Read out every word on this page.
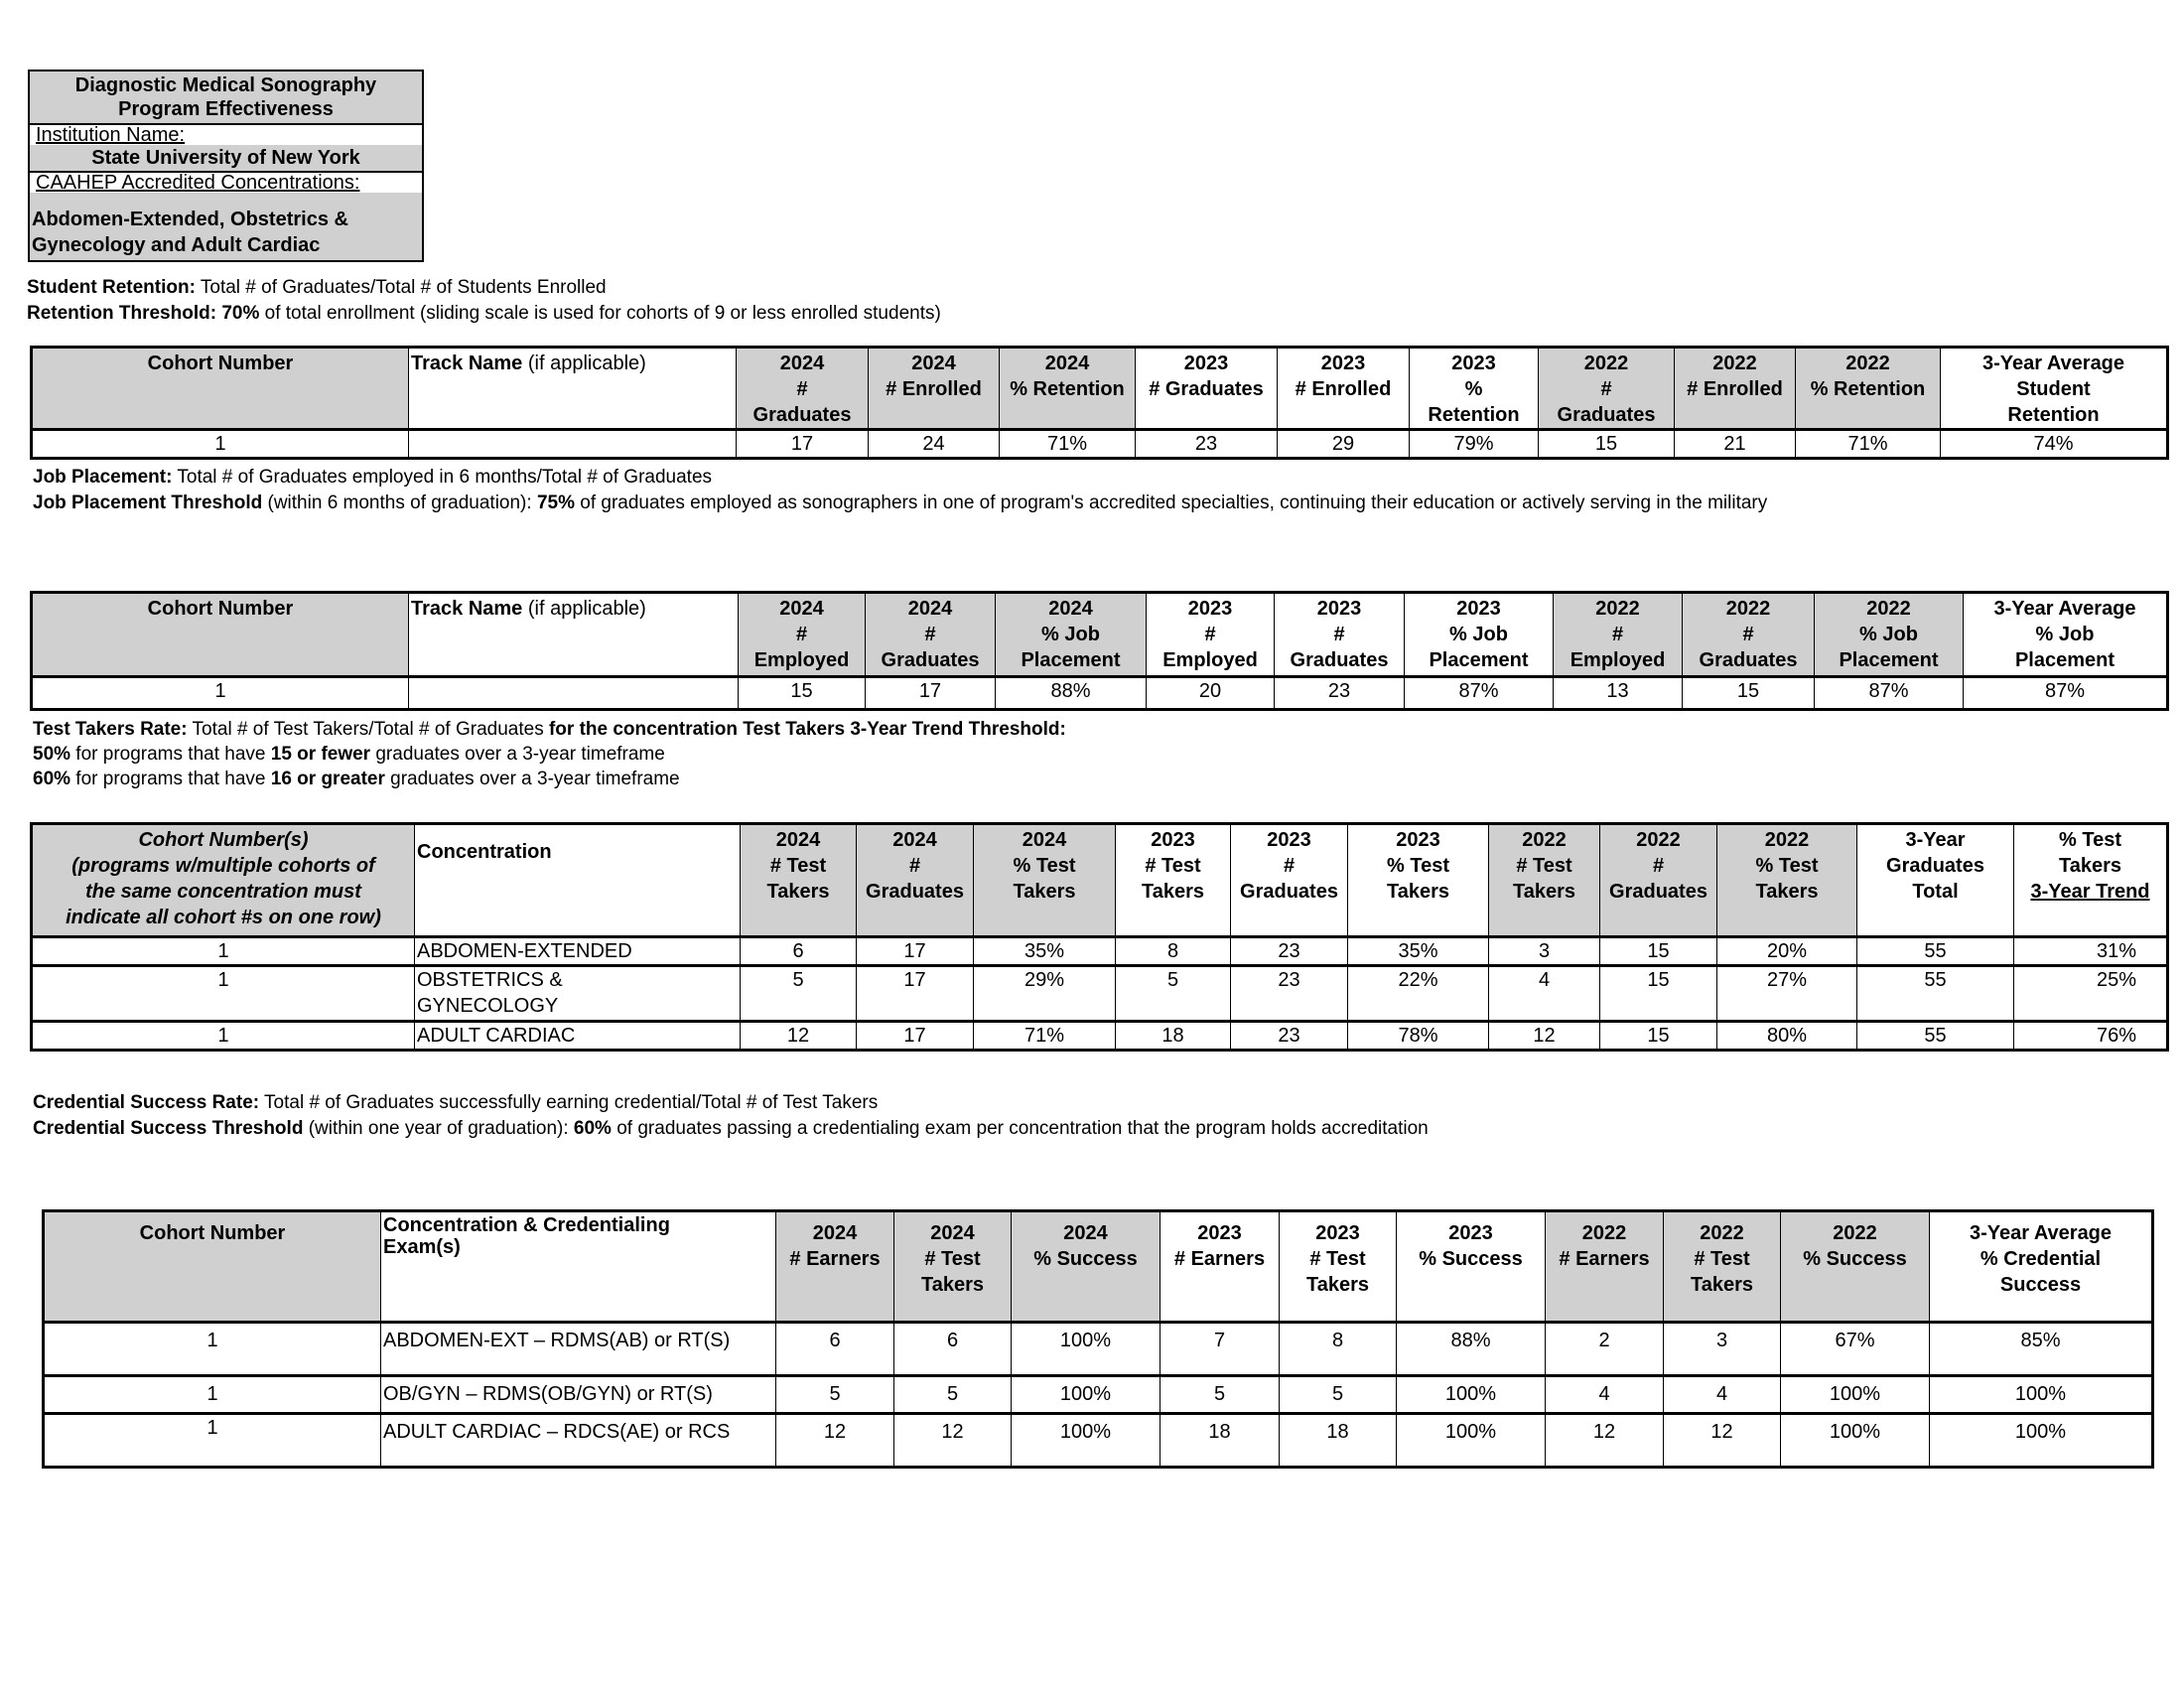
Diagnostic Medical Sonography
Program Effectiveness
Institution Name:
State University of New York
CAAHEP Accredited Concentrations:
Abdomen-Extended, Obstetrics &
Gynecology and Adult Cardiac
Student Retention: Total # of Graduates/Total # of Students Enrolled
Retention Threshold: 70% of total enrollment (sliding scale is used for cohorts of 9 or less enrolled students)
Cohort Number	Track Name (if applicable)	2024
#
Graduates

2024
# Enrolled

2024
% Retention

2023
# Graduates

2023
# Enrolled

2023
%
Retention

2022
#
Graduates

2022
# Enrolled

2022
% Retention

3-Year Average
Student
Retention

1		17	24	71%	23	29	79%	15	21	71%	74%
Job Placement: Total # of Graduates employed in 6 months/Total # of Graduates
Job Placement Threshold (within 6 months of graduation): 75% of graduates employed as sonographers in one of program's accredited specialties, continuing their education or actively serving in the military
Cohort Number	Track Name (if applicable)	2024
#
Employed

2024
#
Graduates

2024
% Job
Placement

2023
#
Employed

2023
#
Graduates

2023
% Job
Placement

2022
#
Employed

2022
#
Graduates

2022
% Job
Placement

3-Year Average
% Job
Placement

1		15	17	88%	20	23	87%	13	15	87%	87%
Test Takers Rate: Total # of Test Takers/Total # of Graduates for the concentration Test Takers 3-Year Trend Threshold:
50% for programs that have 15 or fewer graduates over a 3-year timeframe
60% for programs that have 16 or greater graduates over a 3-year timeframe
Cohort Number(s)
(programs w/multiple cohorts of
the same concentration must
indicate all cohort #s on one row)
	Concentration	
2024
# Test
Takers

2024
#
Graduates

2024
% Test
Takers

2023
# Test
Takers

2023
#
Graduates

2023
% Test
Takers

2022
# Test
Takers

2022
#
Graduates

2022
% Test
Takers

3-Year
Graduates
Total

% Test
Takers
3-Year Trend

1	ABDOMEN-EXTENDED	6	17	35%	8	23	35%	3	15	20%	55	31%
1	OBSTETRICS & GYNECOLOGY	5	17	29%	5	23	22%	4	15	27%	55	25%
1	ADULT CARDIAC	12	17	71%	18	23	78%	12	15	80%	55	76%
Credential Success Rate: Total # of Graduates successfully earning credential/Total # of Test Takers
Credential Success Threshold (within one year of graduation): 60% of graduates passing a credentialing exam per concentration that the program holds accreditation
Cohort Number	Concentration & Credentialing
Exam(s)

2024
# Earners

2024
# Test
Takers

2024
% Success

2023
# Earners

2023
# Test
Takers

2023
% Success

2022
# Earners

2022
# Test
Takers

2022
% Success

3-Year Average
% Credential
Success

1	ABDOMEN-EXT – RDMS(AB) or RT(S)	6	6	100%	7	8	88%	2	3	67%	85%
1	OB/GYN – RDMS(OB/GYN) or RT(S)	5	5	100%	5	5	100%	4	4	100%	100%
1	ADULT CARDIAC – RDCS(AE) or RCS	12	12	100%	18	18	100%	12	12	100%	100%
